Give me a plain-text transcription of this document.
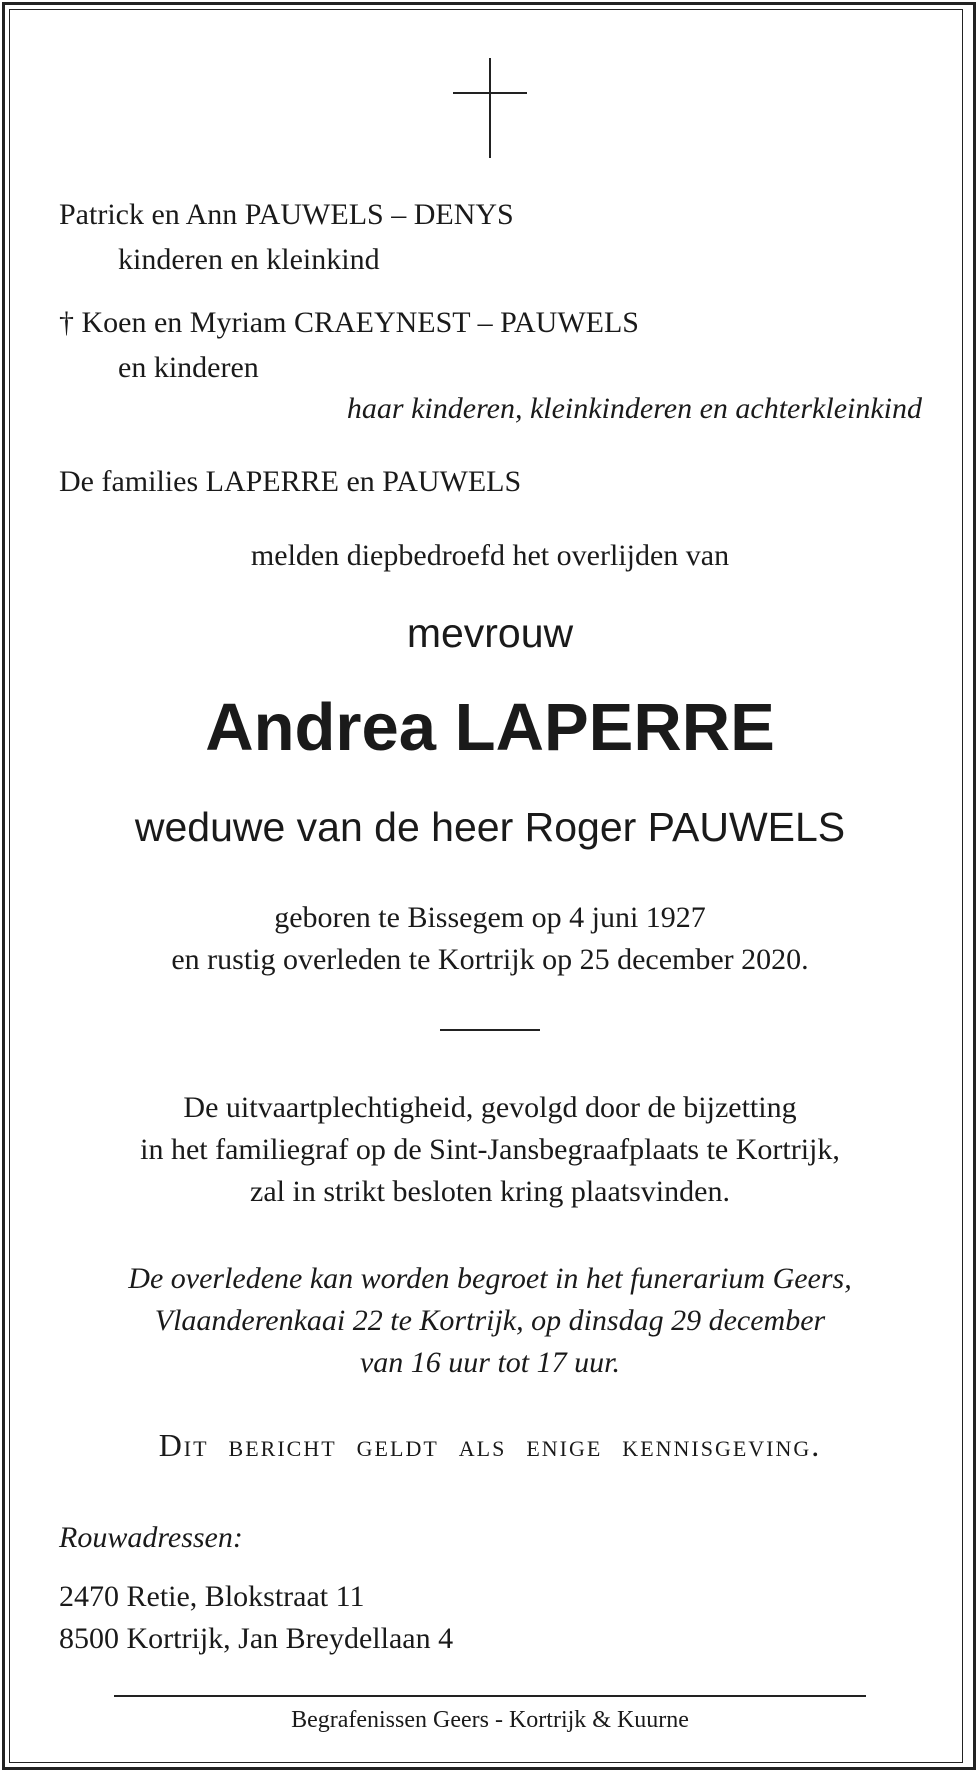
Patrick en Ann PAUWELS – DENYS
kinderen en kleinkind
† Koen en Myriam CRAEYNEST – PAUWELS
en kinderen
haar kinderen, kleinkinderen en achterkleinkind
De families LAPERRE en PAUWELS
melden diepbedroefd het overlijden van
mevrouw
Andrea LAPERRE
weduwe van de heer Roger PAUWELS
geboren te Bissegem op 4 juni 1927
en rustig overleden te Kortrijk op 25 december 2020.
De uitvaartplechtigheid, gevolgd door de bijzetting
in het familiegraf op de Sint-Jansbegraafplaats te Kortrijk,
zal in strikt besloten kring plaatsvinden.
De overledene kan worden begroet in het funerarium Geers,
Vlaanderenkaai 22 te Kortrijk, op dinsdag 29 december
van 16 uur tot 17 uur.
Dit bericht geldt als enige kennisgeving.
Rouwadressen:
2470 Retie, Blokstraat 11
8500 Kortrijk, Jan Breydellaan 4
Begrafenissen Geers - Kortrijk & Kuurne
